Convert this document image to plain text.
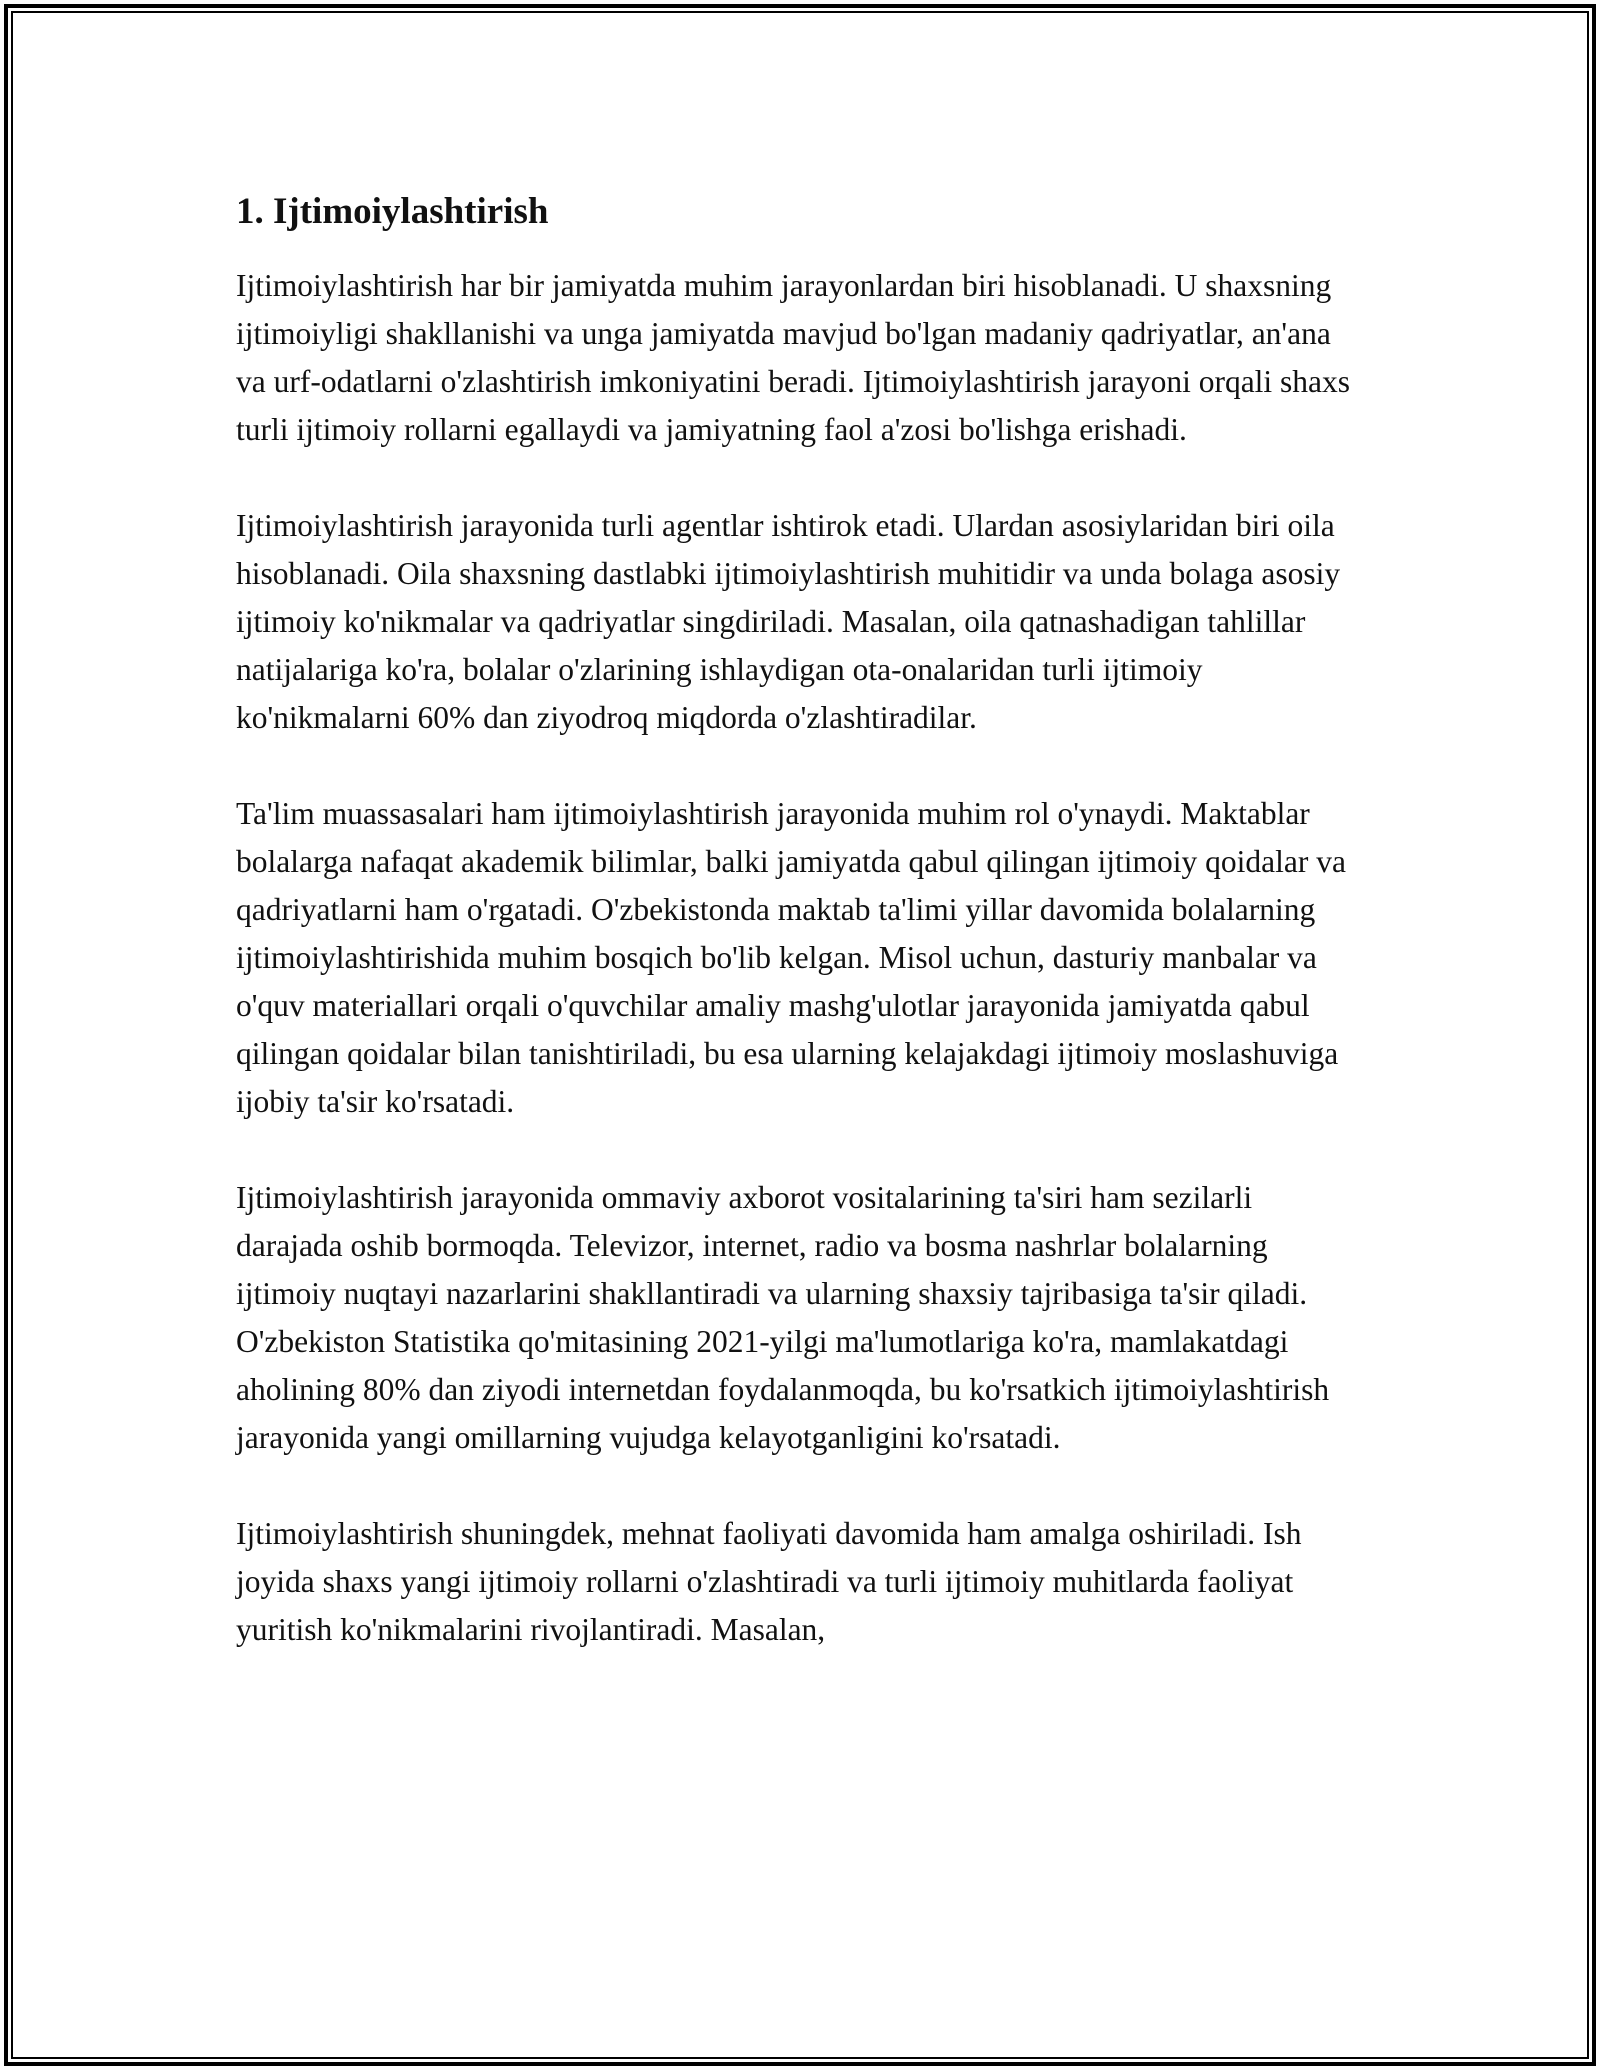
1. Ijtimoiylashtirish

Ijtimoiylashtirish har bir jamiyatda muhim jarayonlardan biri hisoblanadi. U shaxsning ijtimoiyligi shakllanishi va unga jamiyatda mavjud bo'lgan madaniy qadriyatlar, an'ana va urf-odatlarni o'zlashtirish imkoniyatini beradi. Ijtimoiylashtirish jarayoni orqali shaxs turli ijtimoiy rollarni egallaydi va jamiyatning faol a'zosi bo'lishga erishadi.

Ijtimoiylashtirish jarayonida turli agentlar ishtirok etadi. Ulardan asosiylaridan biri oila hisoblanadi. Oila shaxsning dastlabki ijtimoiylashtirish muhitidir va unda bolaga asosiy ijtimoiy ko'nikmalar va qadriyatlar singdiriladi. Masalan, oila qatnashadigan tahlillar natijalariga ko'ra, bolalar o'zlarining ishlaydigan ota-onalaridan turli ijtimoiy ko'nikmalarni 60% dan ziyodroq miqdorda o'zlashtiradilar.

Ta'lim muassasalari ham ijtimoiylashtirish jarayonida muhim rol o'ynaydi. Maktablar bolalarga nafaqat akademik bilimlar, balki jamiyatda qabul qilingan ijtimoiy qoidalar va qadriyatlarni ham o'rgatadi. O'zbekistonda maktab ta'limi yillar davomida bolalarning ijtimoiylashtirishida muhim bosqich bo'lib kelgan. Misol uchun, dasturiy manbalar va o'quv materiallari orqali o'quvchilar amaliy mashg'ulotlar jarayonida jamiyatda qabul qilingan qoidalar bilan tanishtiriladi, bu esa ularning kelajakdagi ijtimoiy moslashuviga ijobiy ta'sir ko'rsatadi.

Ijtimoiylashtirish jarayonida ommaviy axborot vositalarining ta'siri ham sezilarli darajada oshib bormoqda. Televizor, internet, radio va bosma nashrlar bolalarning ijtimoiy nuqtayi nazarlarini shakllantiradi va ularning shaxsiy tajribasiga ta'sir qiladi. O'zbekiston Statistika qo'mitasining 2021-yilgi ma'lumotlariga ko'ra, mamlakatdagi aholining 80% dan ziyodi internetdan foydalanmoqda, bu ko'rsatkich ijtimoiylashtirish jarayonida yangi omillarning vujudga kelayotganligini ko'rsatadi.

Ijtimoiylashtirish shuningdek, mehnat faoliyati davomida ham amalga oshiriladi. Ish joyida shaxs yangi ijtimoiy rollarni o'zlashtiradi va turli ijtimoiy muhitlarda faoliyat yuritish ko'nikmalarini rivojlantiradi. Masalan,
